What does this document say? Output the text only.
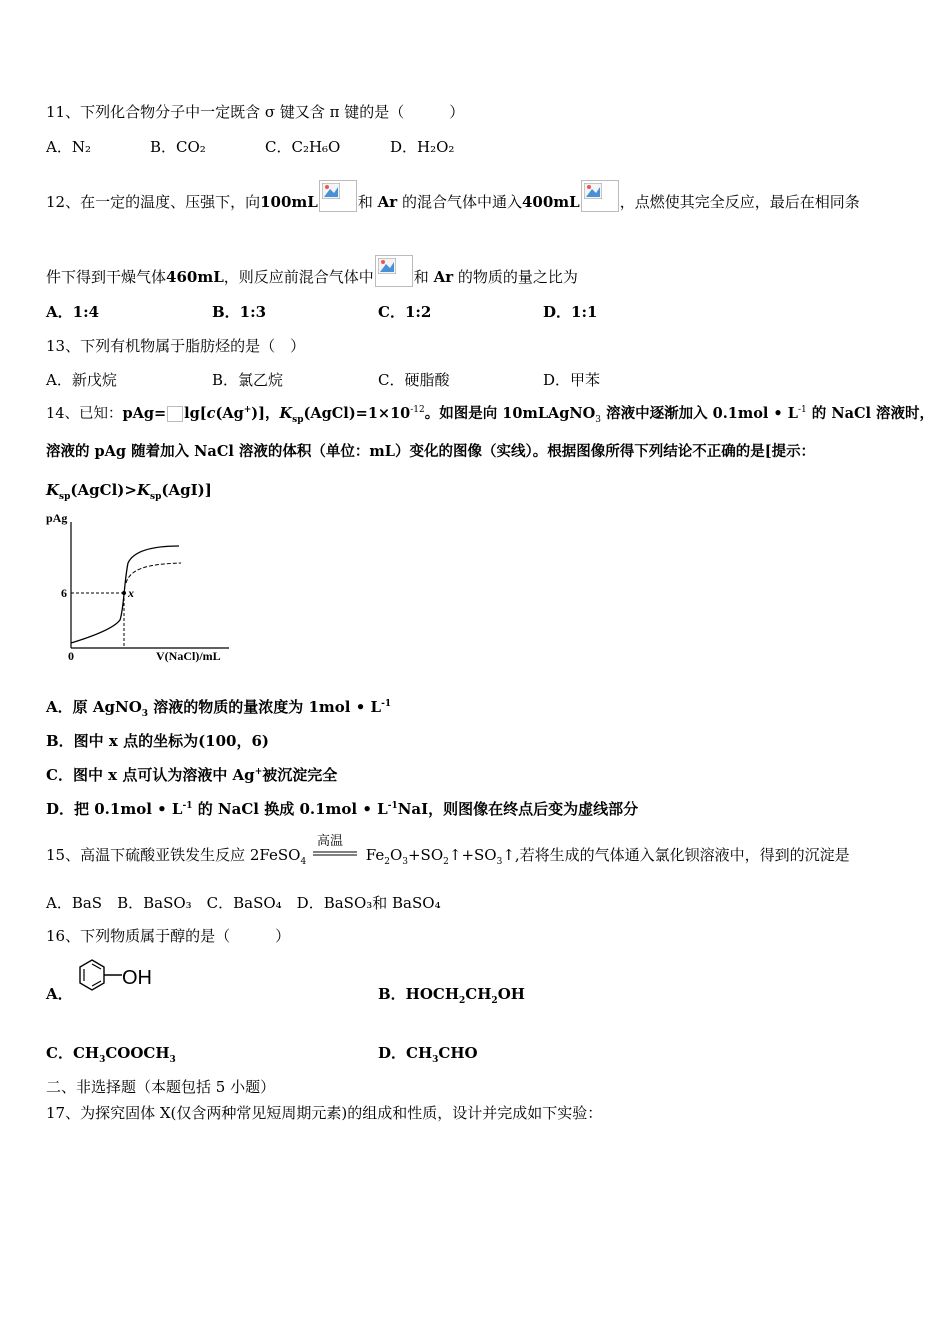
11、下列化合物分子中一定既含 σ 键又含 π 键的是（　　　）
A．N₂	B．CO₂	C．C₂H₆O	D．H₂O₂
12、在一定的温度、压强下，向100mL	和 Ar 的混合气体中通入400mL	，点燃使其完全反应，最后在相同条
件下得到干燥气体460mL，则反应前混合气体中	和 Ar 的物质的量之比为
A．1:4	B．1:3	C．1:2	D．1:1
13、下列有机物属于脂肪烃的是（　）
A．新戊烷	B．氯乙烷	C．硬脂酸	D．甲苯
14、已知：pAg= lg[c(Ag+)]，$K_{sp}(AgCl)=1\times 10^{-12}$。如图是向 10mLAgNO$_3$ 溶液中逐渐加入 0.1mol • $L^{-1}$ 的 NaCl 溶液时，
溶液的 pAg 随着加入 NaCl 溶液的体积（单位：mL）变化的图像（实线）。根据图像所得下列结论不正确的是[提示：
$K_{sp}(AgCl)>K_{sp}(AgI)$]
pAg
0
6
V(NaCl)/mL
x
A．原 AgNO$_3$ 溶液的物质的量浓度为 1mol • $L^{-1}$
B．图中 x 点的坐标为(100，6)
C．图中 x 点可认为溶液中 Ag+被沉淀完全
D．把 0.1mol • $L^{-1}$ 的 NaCl 换成 0.1mol • $L^{-1}NaI$，则图像在终点后变为虚线部分
15、高温下硫酸亚铁发生反应 2FeSO$_4$
高温
$Fe_2O_3+SO_2↑+SO_3↑$,若将生成的气体通入氯化钡溶液中，得到的沉淀是
A．BaS　B．BaSO₃　C．BaSO₄　D．BaSO₃和 BaSO₄
16、下列物质属于醇的是（　　　）
A．
OH
B．$HOCH_2CH_2OH$
C．$CH_3COOCH_3$	D．$CH_3CHO$
二、非选择题（本题包括 5 小题）
17、为探究固体 X(仅含两种常见短周期元素)的组成和性质，设计并完成如下实验：
